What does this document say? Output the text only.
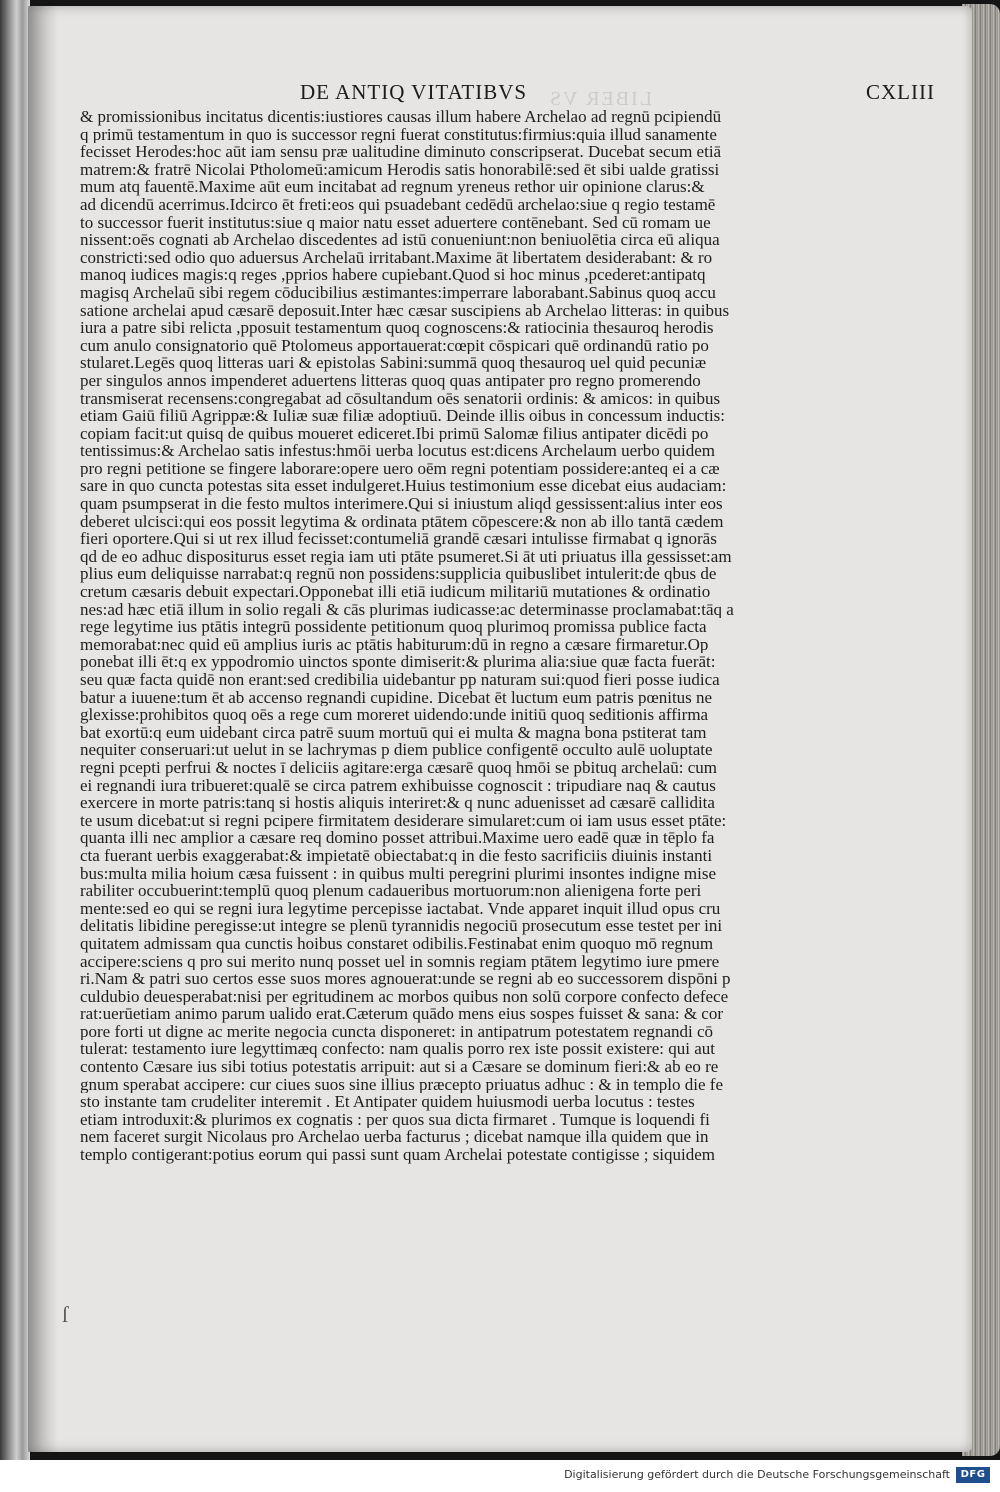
DE ANTIQ VITATIBVS LIBER VS	CXLIII
& promissionibus incitatus dicentis:iustiores causas illum habere Archelao ad regnū pcipiendū
q primū testamentum in quo is successor regni fuerat constitutus:firmius:quia illud sanamente
fecisset Herodes:hoc aūt iam sensu præ ualitudine diminuto conscripserat. Ducebat secum etiā
matrem:& fratrē Nicolai Ptholomeū:amicum Herodis satis honorabilē:sed ēt sibi ualde gratissi
mum atq fauentē.Maxime aūt eum incitabat ad regnum yreneus rethor uir opinione clarus:&
ad dicendū acerrimus.Idcirco ēt freti:eos qui psuadebant cedēdū archelao:siue q regio testamē
to successor fuerit institutus:siue q maior natu esset aduertere contēnebant. Sed cū romam ue
nissent:oēs cognati ab Archelao discedentes ad istū conueniunt:non beniuolētia circa eū aliqua
constricti:sed odio quo aduersus Archelaū irritabant.Maxime āt libertatem desiderabant: & ro
manoq iudices magis:q reges ,pprios habere cupiebant.Quod si hoc minus ,pcederet:antipatq
magisq Archelaū sibi regem cōducibilius æstimantes:imperrare laborabant.Sabinus quoq accu
satione archelai apud cæsarē deposuit.Inter hæc cæsar suscipiens ab Archelao litteras: in quibus
iura a patre sibi relicta ,pposuit testamentum quoq cognoscens:& ratiocinia thesauroq herodis
cum anulo consignatorio quē Ptolomeus apportauerat:cœpit cōspicari quē ordinandū ratio po
stularet.Legēs quoq litteras uari & epistolas Sabini:summā quoq thesauroq uel quid pecuniæ
per singulos annos impenderet aduertens litteras quoq quas antipater pro regno promerendo
transmiserat recensens:congregabat ad cōsultandum oēs senatorii ordinis: & amicos: in quibus
etiam Gaiū filiū Agrippæ:& Iuliæ suæ filiæ adoptiuū. Deinde illis oibus in concessum inductis:
copiam facit:ut quisq de quibus moueret ediceret.Ibi primū Salomæ filius antipater dicēdi po
tentissimus:& Archelao satis infestus:hmōi uerba locutus est:dicens Archelaum uerbo quidem
pro regni petitione se fingere laborare:opere uero oēm regni potentiam possidere:anteq ei a cæ
sare in quo cuncta potestas sita esset indulgeret.Huius testimonium esse dicebat eius audaciam:
quam psumpserat in die festo multos interimere.Qui si iniustum aliqd gessissent:alius inter eos
deberet ulcisci:qui eos possit legytima & ordinata ptātem cōpescere:& non ab illo tantā cædem
fieri oportere.Qui si ut rex illud fecisset:contumeliā grandē cæsari intulisse firmabat q ignorās
qd de eo adhuc dispositurus esset regia iam uti ptāte psumeret.Si āt uti priuatus illa gessisset:am
plius eum deliquisse narrabat:q regnū non possidens:supplicia quibuslibet intulerit:de qbus de
cretum cæsaris debuit expectari.Opponebat illi etiā iudicum militariū mutationes & ordinatio
nes:ad hæc etiā illum in solio regali & cās plurimas iudicasse:ac determinasse proclamabat:tāq a
rege legytime ius ptātis integrū possidente petitionum quoq plurimoq promissa publice facta
memorabat:nec quid eū amplius iuris ac ptātis habiturum:dū in regno a cæsare firmaretur.Op
ponebat illi ēt:q ex yppodromio uinctos sponte dimiserit:& plurima alia:siue quæ facta fuerāt:
seu quæ facta quidē non erant:sed credibilia uidebantur pp naturam sui:quod fieri posse iudica
batur a iuuene:tum ēt ab accenso regnandi cupidine. Dicebat ēt luctum eum patris pœnitus ne
glexisse:prohibitos quoq oēs a rege cum moreret uidendo:unde initiū quoq seditionis affirma
bat exortū:q eum uidebant circa patrē suum mortuū qui ei multa & magna bona pstiterat tam
nequiter conseruari:ut uelut in se lachrymas p diem publice configentē occulto aulē uoluptate
regni pcepti perfrui & noctes ī deliciis agitare:erga cæsarē quoq hmōi se pbituq archelaū: cum
ei regnandi iura tribueret:qualē se circa patrem exhibuisse cognoscit : tripudiare naq & cautus
exercere in morte patris:tanq si hostis aliquis interiret:& q nunc aduenisset ad cæsarē callidita
te usum dicebat:ut si regni pcipere firmitatem desiderare simularet:cum oi iam usus esset ptāte:
quanta illi nec amplior a cæsare req domino posset attribui.Maxime uero eadē quæ in tēplo fa
cta fuerant uerbis exaggerabat:& impietatē obiectabat:q in die festo sacrificiis diuinis instanti
bus:multa milia hoium cæsa fuissent : in quibus multi peregrini plurimi insontes indigne mise
rabiliter occubuerint:templū quoq plenum cadaueribus mortuorum:non alienigena forte peri
mente:sed eo qui se regni iura legytime percepisse iactabat. Vnde apparet inquit illud opus cru
delitatis libidine peregisse:ut integre se plenū tyrannidis negociū prosecutum esse testet per ini
quitatem admissam qua cunctis hoibus constaret odibilis.Festinabat enim quoquo mō regnum
accipere:sciens q pro sui merito nunq posset uel in somnis regiam ptātem legytimo iure pmere
ri.Nam & patri suo certos esse suos mores agnouerat:unde se regni ab eo successorem dispōni p
culdubio deuesperabat:nisi per egritudinem ac morbos quibus non solū corpore confecto defece
rat:uerūetiam animo parum ualido erat.Cæterum quādo mens eius sospes fuisset & sana: & cor
pore forti ut digne ac merite negocia cuncta disponeret: in antipatrum potestatem regnandi cō
tulerat: testamento iure legyttimæq confecto: nam qualis porro rex iste possit existere: qui aut
contento Cæsare ius sibi totius potestatis arripuit: aut si a Cæsare se dominum fieri:& ab eo re
gnum sperabat accipere: cur ciues suos sine illius præcepto priuatus adhuc : & in templo die fe
sto instante tam crudeliter interemit . Et Antipater quidem huiusmodi uerba locutus : testes
etiam introduxit:& plurimos ex cognatis : per quos sua dicta firmaret . Tumque is loquendi fi
nem faceret surgit Nicolaus pro Archelao uerba facturus ; dicebat namque illa quidem que in
templo contigerant:potius eorum qui passi sunt quam Archelai potestate contigisse ; siquidem
ſ
Digitalisierung gefördert durch die Deutsche Forschungsgemeinschaft	DFG
